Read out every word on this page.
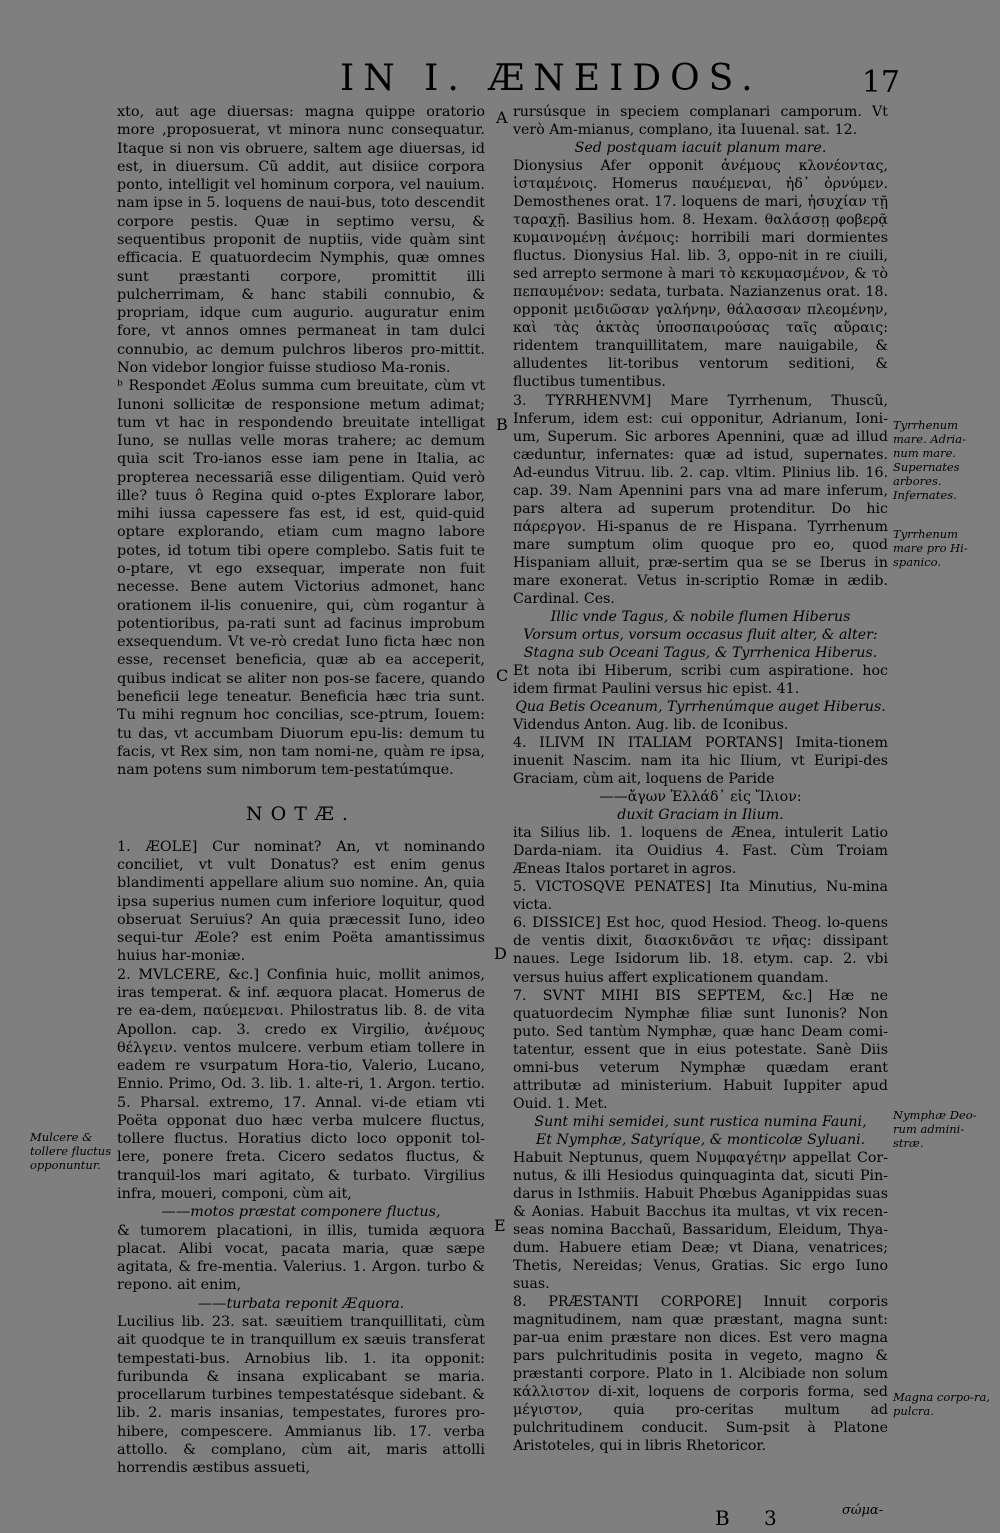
IN I. ÆNEIDOS.	17

xto, aut age diuersas: magna quippe oratorio more ,proposuerat, vt minora nunc consequatur. Itaque si non vis obruere, saltem age diuersas, id est, in diuersum. Cũ addit, aut disiice corpora ponto, intelligit vel hominum corpora, vel nauium. nam ipse in 5. loquens de naui-bus, toto descendit corpore pestis. Quæ in septimo versu, & sequentibus proponit de nuptiis, vide quàm sint efficacia. E quatuordecim Nymphis, quæ omnes sunt præstanti corpore, promittit illi pulcherrimam, & hanc stabili connubio, & propriam, idque cum augurio. auguratur enim fore, vt annos omnes permaneat in tam dulci connubio, ac demum pulchros liberos pro-mittit. Non videbor longior fuisse studioso Ma-ronis.

ᵇ Respondet Æolus summa cum breuitate, cùm vt Iunoni sollicitæ de responsione metum adimat; tum vt hac in respondendo breuitate intelligat Iuno, se nullas velle moras trahere; ac demum quia scit Tro-ianos esse iam pene in Italia, ac propterea necessariã esse diligentiam. Quid verò ille? tuus ô Regina quid o-ptes Explorare labor, mihi iussa capessere fas est, id est, quid-quid optare explorando, etiam cum magno labore potes, id totum tibi opere complebo. Satis fuit te o-ptare, vt ego exsequar, imperate non fuit necesse. Bene autem Victorius admonet, hanc orationem il-lis conuenire, qui, cùm rogantur à potentioribus, pa-rati sunt ad facinus improbum exsequendum. Vt ve-rò credat Iuno ficta hæc non esse, recenset beneficia, quæ ab ea acceperit, quibus indicat se aliter non pos-se facere, quando beneficii lege teneatur. Beneficia hæc tria sunt. Tu mihi regnum hoc concilias, sce-ptrum, Iouem: tu das, vt accumbam Diuorum epu-lis: demum tu facis, vt Rex sim, non tam nomi-ne, quàm re ipsa, nam potens sum nimborum tem-pestatúmque.

NOTÆ.

1. ÆOLE] Cur nominat? An, vt nominando conciliet, vt vult Donatus? est enim genus blandimenti appellare alium suo nomine. An, quia ipsa superius numen cum inferiore loquitur, quod obseruat Seruius? An quia præcessit Iuno, ideo sequi-tur Æole? est enim Poëta amantissimus huius har-moniæ.

2. MVLCERE, &c.] Confinia huic, mollit animos, iras temperat. & inf. æquora placat. Homerus de re ea-dem, παύεμεναι. Philostratus lib. 8. de vita Apollon. cap. 3. credo ex Virgilio, ἀνέμους θέλγειν. ventos mulcere. verbum etiam tollere in eadem re vsurpatum Hora-tio, Valerio, Lucano, Ennio. Primo, Od. 3. lib. 1. alte-ri, 1. Argon. tertio. 5. Pharsal. extremo, 17. Annal. vi-de etiam vti Poëta opponat duo hæc verba mulcere fluctus, tollere fluctus. Horatius dicto loco opponit tol-lere, ponere freta. Cicero sedatos fluctus, & tranquil-los mari agitato, & turbato. Virgilius infra, moueri, componi, cùm ait,

——motos præstat componere fluctus,

& tumorem placationi, in illis, tumida æquora placat. Alibi vocat, pacata maria, quæ sæpe agitata, & fre-mentia. Valerius. 1. Argon. turbo & repono. ait enim,

——turbata reponit Æquora.

Lucilius lib. 23. sat. sæuitiem tranquillitati, cùm ait quodque te in tranquillum ex sæuis transferat tempestati-bus. Arnobius lib. 1. ita opponit: furibunda & insana explicabant se maria. procellarum turbines tempestatésque sidebant. & lib. 2. maris insanias, tempestates, furores pro-hibere, compescere. Ammianus lib. 17. verba attollo. & complano, cùm ait, maris attolli horrendis æstibus assueti,

rursúsque in speciem complanari camporum. Vt verò Am-mianus, complano, ita Iuuenal. sat. 12.

Sed postquam iacuit planum mare.

Dionysius Afer opponit ἀνέμους κλονέοντας, ἱσταμένοις. Homerus παυέμεναι, ἠδ᾽ ὀρνύμεν. Demosthenes orat. 17. loquens de mari, ἡσυχίαν τῇ ταραχῇ. Basilius hom. 8. Hexam. θαλάσσῃ φοβερᾷ κυμαινομένῃ ἀνέμοις: horribili mari dormientes fluctus. Dionysius Hal. lib. 3, oppo-nit in re ciuili, sed arrepto sermone à mari τὸ κεκυμασμένον, & τὸ πεπαυμένον: sedata, turbata. Nazianzenus orat. 18. opponit μειδιῶσαν γαλήνην, θάλασσαν πλεομένην, καὶ τὰς ἀκτὰς ὑποσπαιρούσας ταῖς αὔραις: ridentem tranquillitatem, mare nauigabile, & alludentes lit-toribus ventorum seditioni, & fluctibus tumentibus.

3. TYRRHENVM] Mare Tyrrhenum, Thuscũ, Inferum, idem est: cui opponitur, Adrianum, Ioni-um, Superum. Sic arbores Apennini, quæ ad illud cæduntur, infernates: quæ ad istud, supernates. Ad-eundus Vitruu. lib. 2. cap. vltim. Plinius lib. 16. cap. 39. Nam Apennini pars vna ad mare inferum, pars altera ad superum protenditur. Do hic πάρεργον. Hi-spanus de re Hispana. Tyrrhenum mare sumptum olim quoque pro eo, quod Hispaniam alluit, præ-sertim qua se se Iberus in mare exonerat. Vetus in-scriptio Romæ in ædib. Cardinal. Ces.

Illic vnde Tagus, & nobile flumen Hiberus

Vorsum ortus, vorsum occasus fluit alter, & alter:

Stagna sub Oceani Tagus, & Tyrrhenica Hiberus.

Et nota ibi Hiberum, scribi cum aspiratione. hoc idem firmat Paulini versus hic epist. 41.

Qua Betis Oceanum, Tyrrhenúmque auget Hiberus.

Videndus Anton. Aug. lib. de Iconibus.

4. ILIVM IN ITALIAM PORTANS] Imita-tionem inuenit Nascim. nam ita hic Ilium, vt Euripi-des Graciam, cùm ait, loquens de Paride

——ἄγων Ἑλλάδ᾽ εἰς Ἴλιον:

duxit Graciam in Ilium.

ita Silius lib. 1. loquens de Ænea, intulerit Latio Darda-niam. ita Ouidius 4. Fast. Cùm Troiam Æneas Italos portaret in agros.

5. VICTOSQVE PENATES] Ita Minutius, Nu-mina victa.

6. DISSICE] Est hoc, quod Hesiod. Theog. lo-quens de ventis dixit, διασκιδνᾶσι τε νῆας: dissipant naues. Lege Isidorum lib. 18. etym. cap. 2. vbi versus huius affert explicationem quandam.

7. SVNT MIHI BIS SEPTEM, &c.] Hæ ne quatuordecim Nymphæ filiæ sunt Iunonis? Non puto. Sed tantùm Nymphæ, quæ hanc Deam comi-tatentur, essent que in eius potestate. Sanè Diis omni-bus veterum Nymphæ quædam erant attributæ ad ministerium. Habuit Iuppiter apud Ouid. 1. Met.

Sunt mihi semidei, sunt rustica numina Fauni,

Et Nymphæ, Satyríque, & monticolæ Syluani.

Habuit Neptunus, quem Νυμφαγέτην appellat Cor-nutus, & illi Hesiodus quinquaginta dat, sicuti Pin-darus in Isthmiis. Habuit Phœbus Aganippidas suas & Aonias. Habuit Bacchus ita multas, vt vix recen-seas nomina Bacchaũ, Bassaridum, Eleidum, Thya-dum. Habuere etiam Deæ; vt Diana, venatrices; Thetis, Nereidas; Venus, Gratias. Sic ergo Iuno suas.

8. PRÆSTANTI CORPORE] Innuit corporis magnitudinem, nam quæ præstant, magna sunt: par-ua enim præstare non dices. Est vero magna pars pulchritudinis posita in vegeto, magno & præstanti corpore. Plato in 1. Alcibiade non solum κάλλιστον di-xit, loquens de corporis forma, sed μέγιστον, quia pro-ceritas multum ad pulchritudinem conducit. Sum-psit à Platone Aristoteles, qui in libris Rhetoricor.

A
B
C
D
E
Mulcere & tollere fluctus opponuntur.
Tyrrhenum mare. Adria-num mare. Supernates arbores. Infernates.
Tyrrhenum mare pro Hi-spanico.
Nymphæ Deo-rum admini-stræ.
Magna corpo-ra, pulcra.
B 3	σώμα-
